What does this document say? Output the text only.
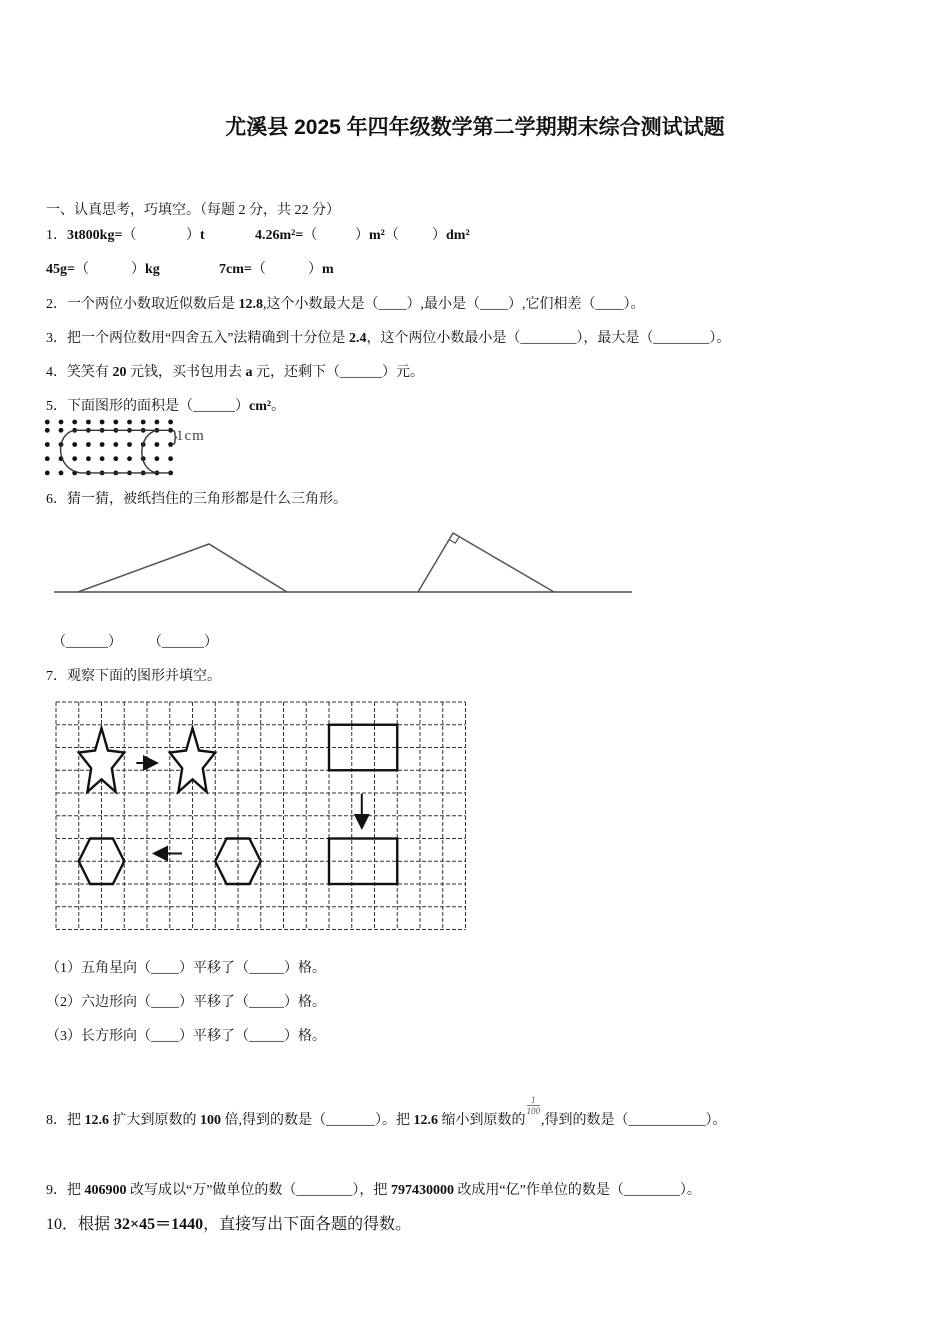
尤溪县 2025 年四年级数学第二学期期末综合测试试题
一、认真思考，巧填空。（每题 2 分，共 22 分）
1．3t800kg=（	）t	4.26m²=（	）m²（ ）dm²
45g=（	）kg	7cm=（	）m
2．一个两位小数取近似数后是 12.8,这个小数最大是（____）,最小是（____）,它们相差（____）。
3．把一个两位数用“四舍五入”法精确到十分位是 2.4，这个两位小数最小是（________），最大是（________）。
4．笑笑有 20 元钱，买书包用去 a 元，还剩下（______）元。
5．下面图形的面积是（______）cm²。
1cm
6．猜一猜，被纸挡住的三角形都是什么三角形。
（______） （______）
7．观察下面的图形并填空。
（1）五角星向（____）平移了（_____）格。
（2）六边形向（____）平移了（_____）格。
（3）长方形向（____）平移了（_____）格。
8．把 12.6 扩大到原数的 100 倍,得到的数是（_______）。把 12.6 缩小到原数的
$\frac{1}{100}$
,得到的数是（___________）。
9．把 406900 改写成以“万”做单位的数（________），把 797430000 改成用“亿”作单位的数是（________）。
10．根据 32×45＝1440，直接写出下面各题的得数。
